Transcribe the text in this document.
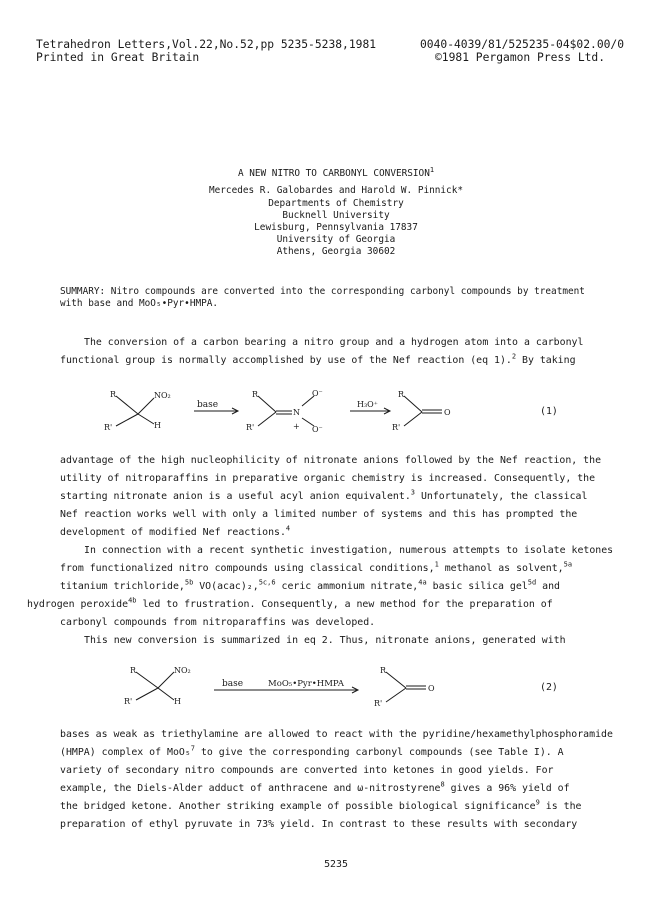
Tetrahedron Letters,Vol.22,No.52,pp 5235-5238,1981	0040-4039/81/525235-04$02.00/0
Printed in Great Britain	©1981 Pergamon Press Ltd.
A NEW NITRO TO CARBONYL CONVERSION$^1$
Mercedes R. Galobardes and Harold W. Pinnick*
Departments of Chemistry
Bucknell University
Lewisburg, Pennsylvania 17837
University of Georgia
Athens, Georgia 30602
SUMMARY: Nitro compounds are converted into the corresponding carbonyl compounds by treatment
with base and MoO₅•Pyr•HMPA.
The conversion of a carbon bearing a nitro group and a hydrogen atom into a carbonyl
functional group is normally accomplished by use of the Nef reaction (eq 1).$^2$ By taking
R
R'
NO₂
H
base
R
R'
N
O⁻
+ O⁻
H₃O⁺
R
R'
O	(1)
advantage of the high nucleophilicity of nitronate anions followed by the Nef reaction, the
utility of nitroparaffins in preparative organic chemistry is increased. Consequently, the
starting nitronate anion is a useful acyl anion equivalent.$^3$ Unfortunately, the classical
Nef reaction works well with only a limited number of systems and this has prompted the
development of modified Nef reactions.$^4$
In connection with a recent synthetic investigation, numerous attempts to isolate ketones
from functionalized nitro compounds using classical conditions,$^1$ methanol as solvent,$^{5a}$
titanium trichloride,$^{5b}$ VO(acac)₂,$^{5c,6}$ ceric ammonium nitrate,$^{4a}$ basic silica gel$^{5d}$ and
hydrogen peroxide$^{4b}$ led to frustration. Consequently, a new method for the preparation of
carbonyl compounds from nitroparaffins was developed.
This new conversion is summarized in eq 2. Thus, nitronate anions, generated with
R
R'
NO₂
H
base	MoO₅•Pyr•HMPA
R
R'
O	(2)
bases as weak as triethylamine are allowed to react with the pyridine/hexamethylphosphoramide
(HMPA) complex of MoO₅$^7$ to give the corresponding carbonyl compounds (see Table I). A
variety of secondary nitro compounds are converted into ketones in good yields. For
example, the Diels-Alder adduct of anthracene and ω-nitrostyrene$^8$ gives a 96% yield of
the bridged ketone. Another striking example of possible biological significance$^9$ is the
preparation of ethyl pyruvate in 73% yield. In contrast to these results with secondary
5235
